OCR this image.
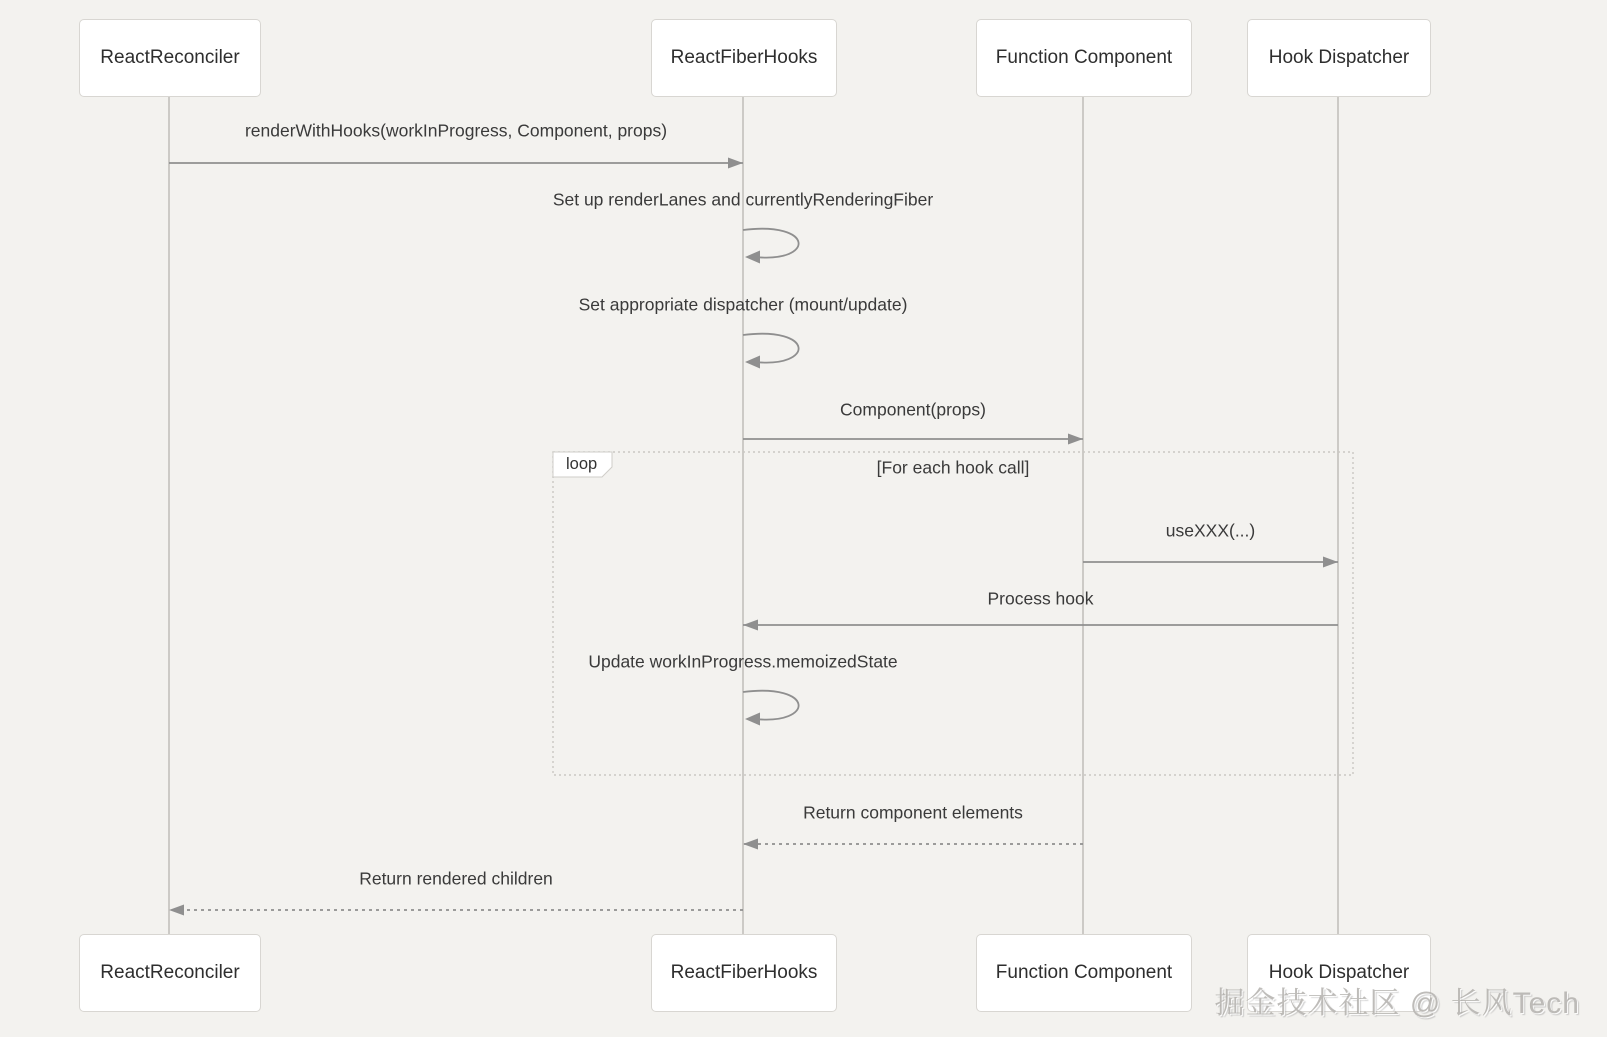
loop	[For each hook call]
掘金技术社区 @ 长风Tech
renderWithHooks(workInProgress, Component, props)
Set up renderLanes and currentlyRenderingFiber
Set appropriate dispatcher (mount/update)
Component(props)
useXXX(...)
Process hook
Update workInProgress.memoizedState
Return component elements
Return rendered children
ReactReconciler
ReactReconciler
ReactFiberHooks
ReactFiberHooks
Function Component
Function Component
Hook Dispatcher
Hook Dispatcher
